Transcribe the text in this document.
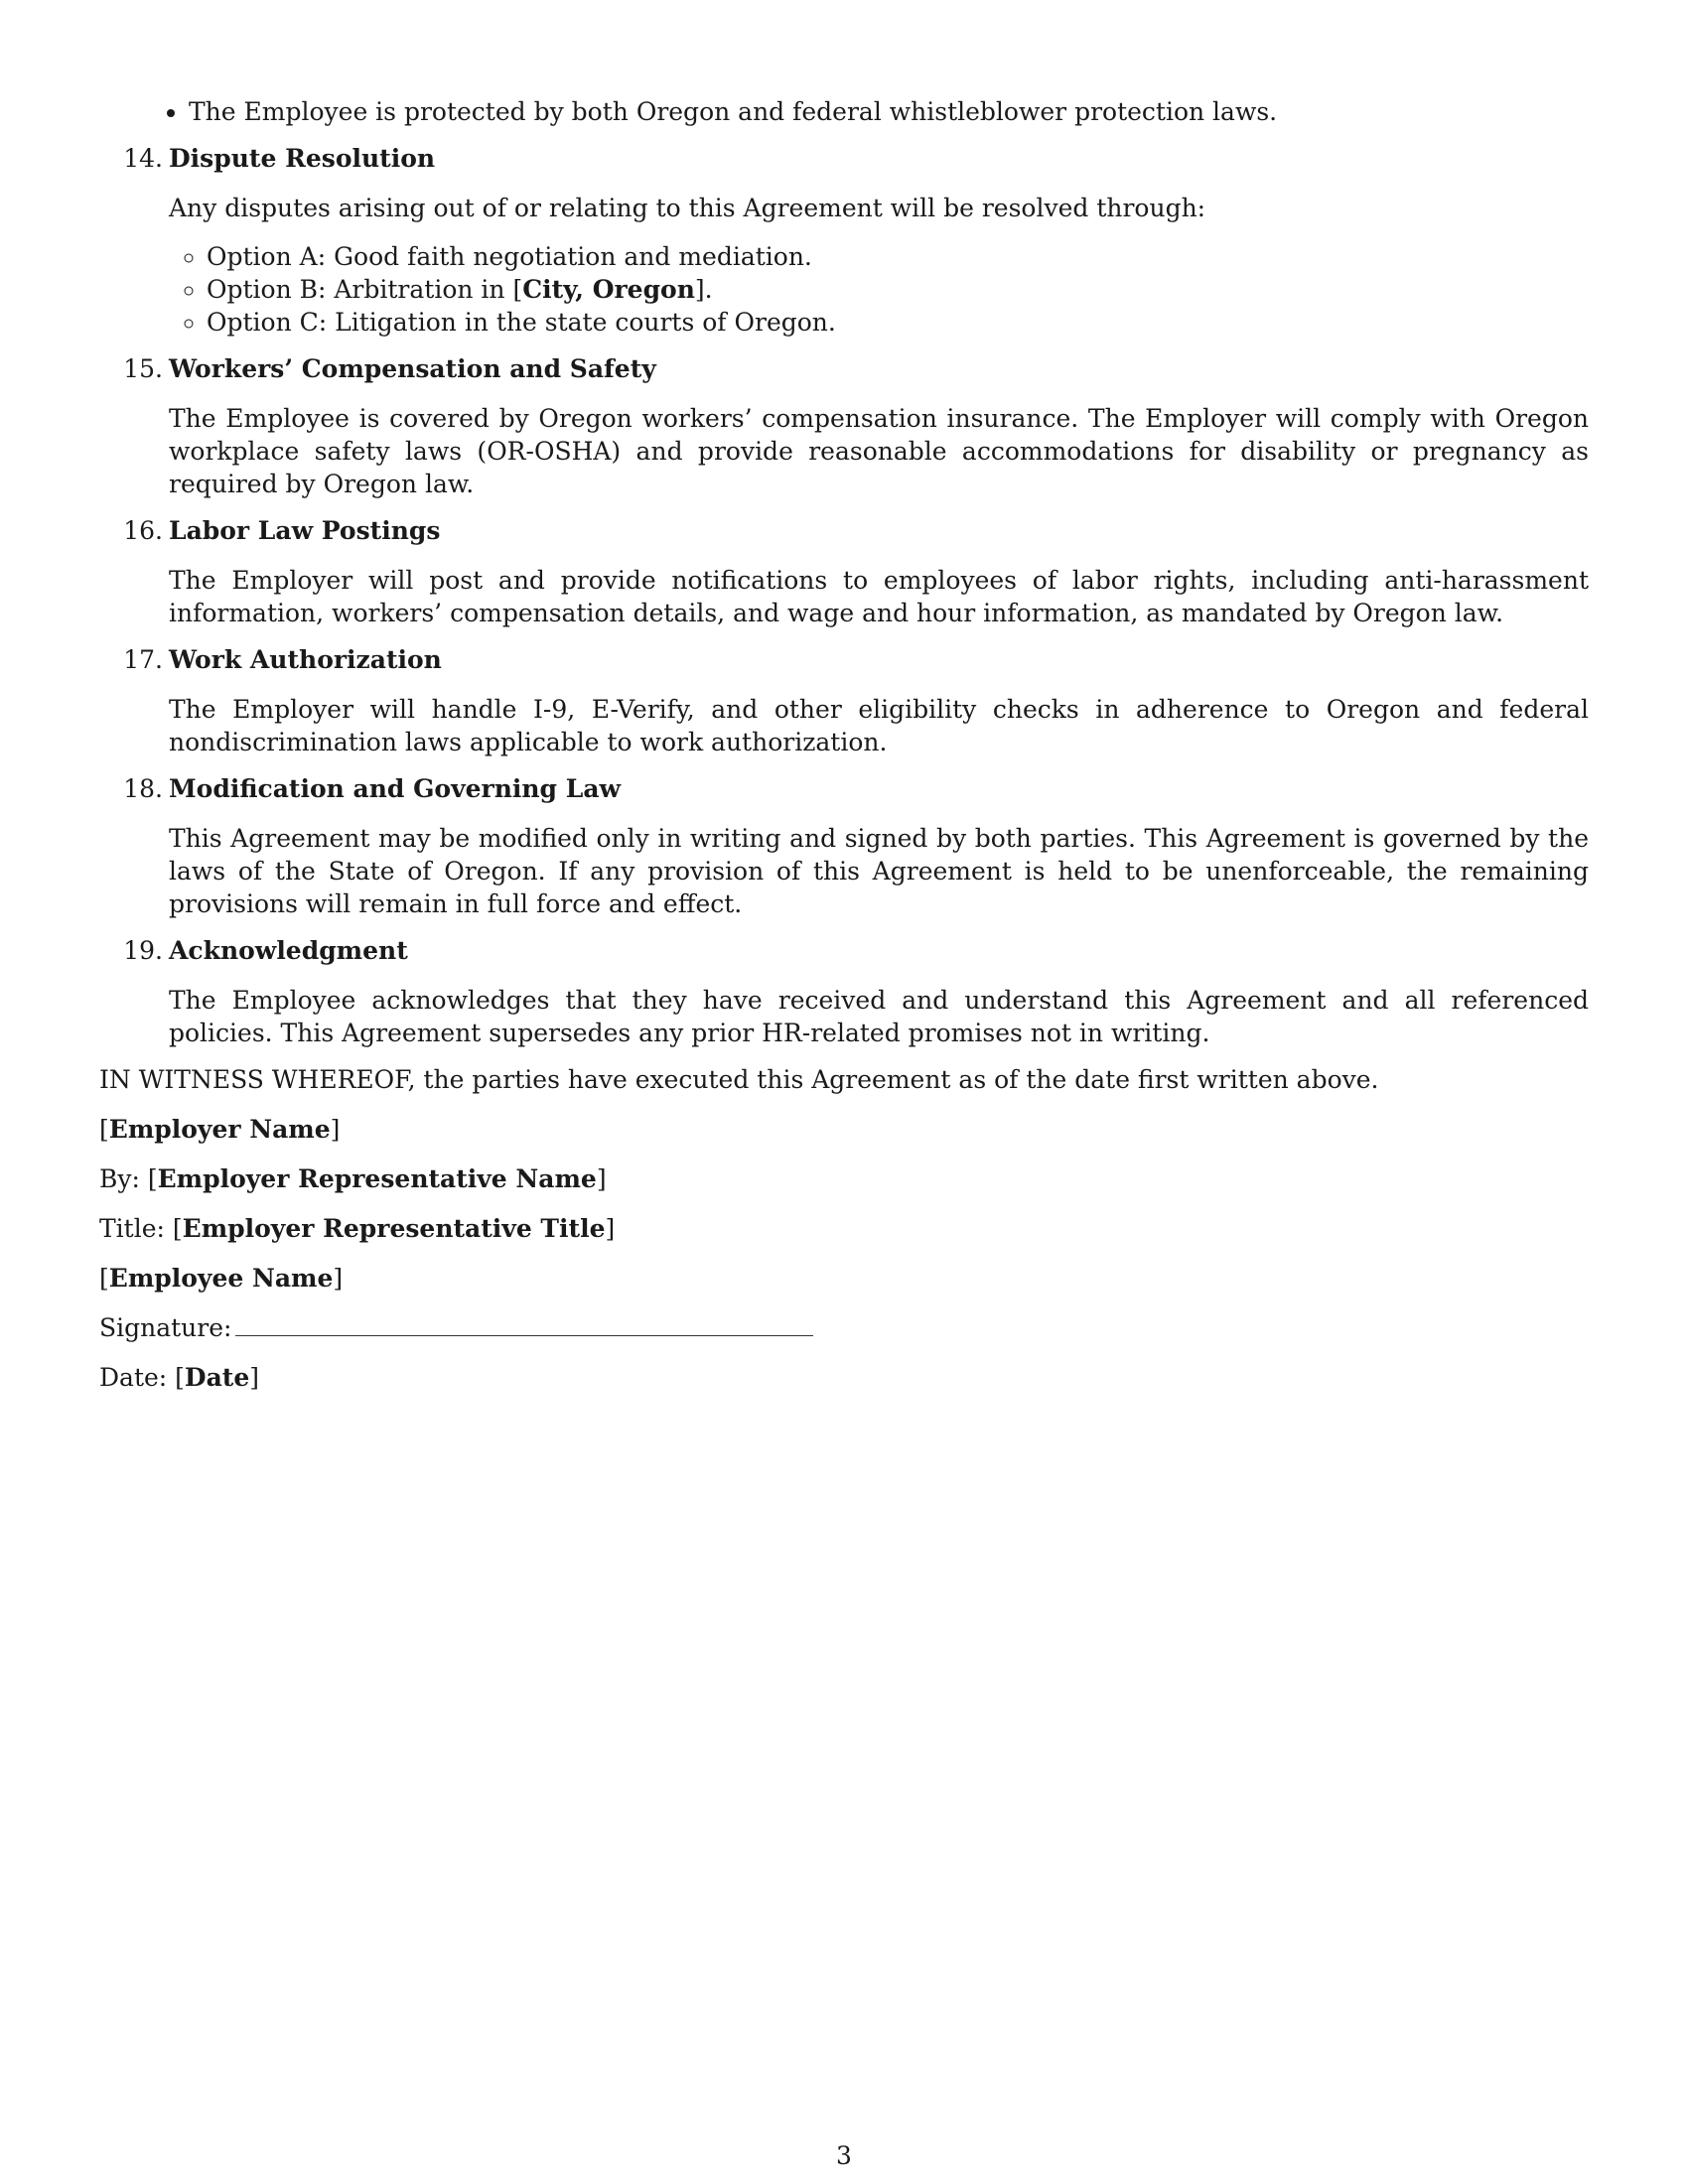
• The Employee is protected by both Oregon and federal whistleblower protection laws.
14. Dispute Resolution

Any disputes arising out of or relating to this Agreement will be resolved through:

◦ Option A: Good faith negotiation and mediation.
◦ Option B: Arbitration in [City, Oregon].
◦ Option C: Litigation in the state courts of Oregon.
15. Workers’ Compensation and Safety

The Employee is covered by Oregon workers’ compensation insurance. The Employer will comply with Oregon workplace safety laws (OR-OSHA) and provide reasonable accommodations for disability or pregnancy as required by Oregon law.

16. Labor Law Postings

The Employer will post and provide notifications to employees of labor rights, including anti-harassment information, workers’ compensation details, and wage and hour information, as mandated by Oregon law.

17. Work Authorization

The Employer will handle I-9, E-Verify, and other eligibility checks in adherence to Oregon and federal nondiscrimination laws applicable to work authorization.

18. Modification and Governing Law

This Agreement may be modified only in writing and signed by both parties. This Agreement is governed by the laws of the State of Oregon. If any provision of this Agreement is held to be unenforceable, the remaining provisions will remain in full force and effect.

19. Acknowledgment

The Employee acknowledges that they have received and understand this Agreement and all referenced policies. This Agreement supersedes any prior HR-related promises not in writing.

IN WITNESS WHEREOF, the parties have executed this Agreement as of the date first written above.
[Employer Name]
By: [Employer Representative Name]
Title: [Employer Representative Title]
[Employee Name]
Signature:
Date: [Date]
3
